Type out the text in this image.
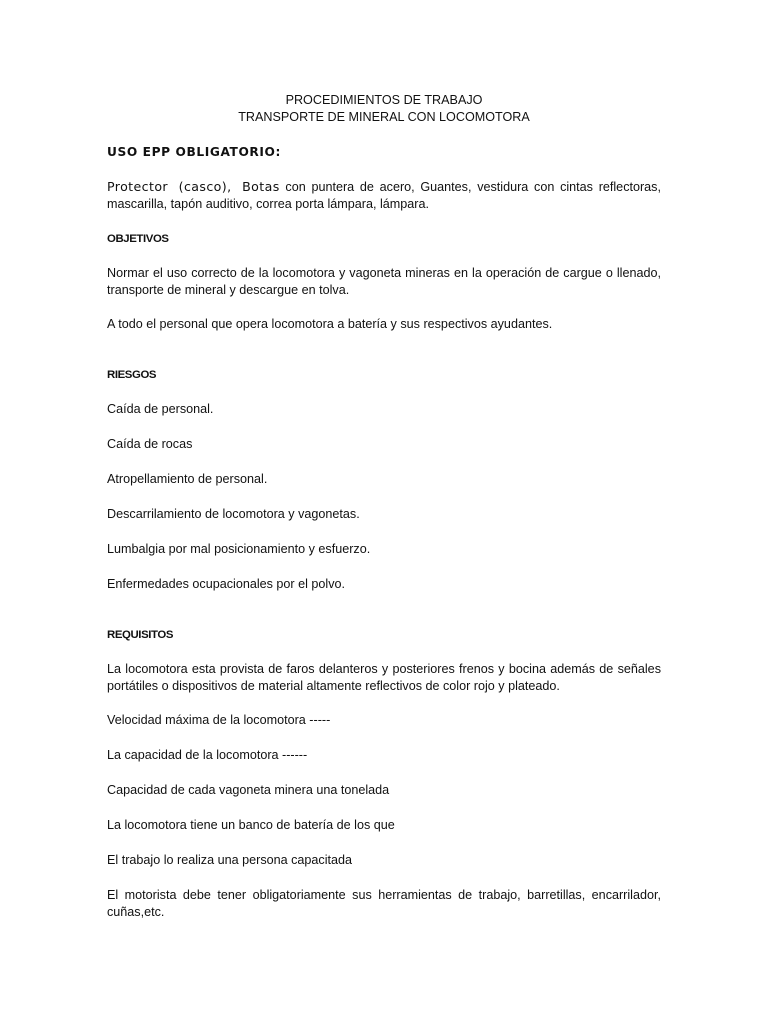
PROCEDIMIENTOS DE TRABAJO
TRANSPORTE DE MINERAL CON LOCOMOTORA
USO EPP OBLIGATORIO:

Protector (casco), Botas con puntera de acero, Guantes, vestidura con cintas reflectoras, mascarilla, tapón auditivo, correa porta lámpara, lámpara.

OBJETIVOS

Normar el uso correcto de la locomotora y vagoneta mineras en la operación de cargue o llenado, transporte de mineral y descargue en tolva.

A todo el personal que opera locomotora a batería y sus respectivos ayudantes.

RIESGOS

Caída de personal.

Caída de rocas

Atropellamiento de personal.

Descarrilamiento de locomotora y vagonetas.

Lumbalgia por mal posicionamiento y esfuerzo.

Enfermedades ocupacionales por el polvo.

REQUISITOS

La locomotora esta provista de faros delanteros y posteriores frenos y bocina además de señales portátiles o dispositivos de material altamente reflectivos de color rojo y plateado.

Velocidad máxima de la locomotora -----

La capacidad de la locomotora ------

Capacidad de cada vagoneta minera una tonelada

La locomotora tiene un banco de batería de los que

El trabajo lo realiza una persona capacitada

El motorista debe tener obligatoriamente sus herramientas de trabajo, barretillas, encarrilador, cuñas,etc.
